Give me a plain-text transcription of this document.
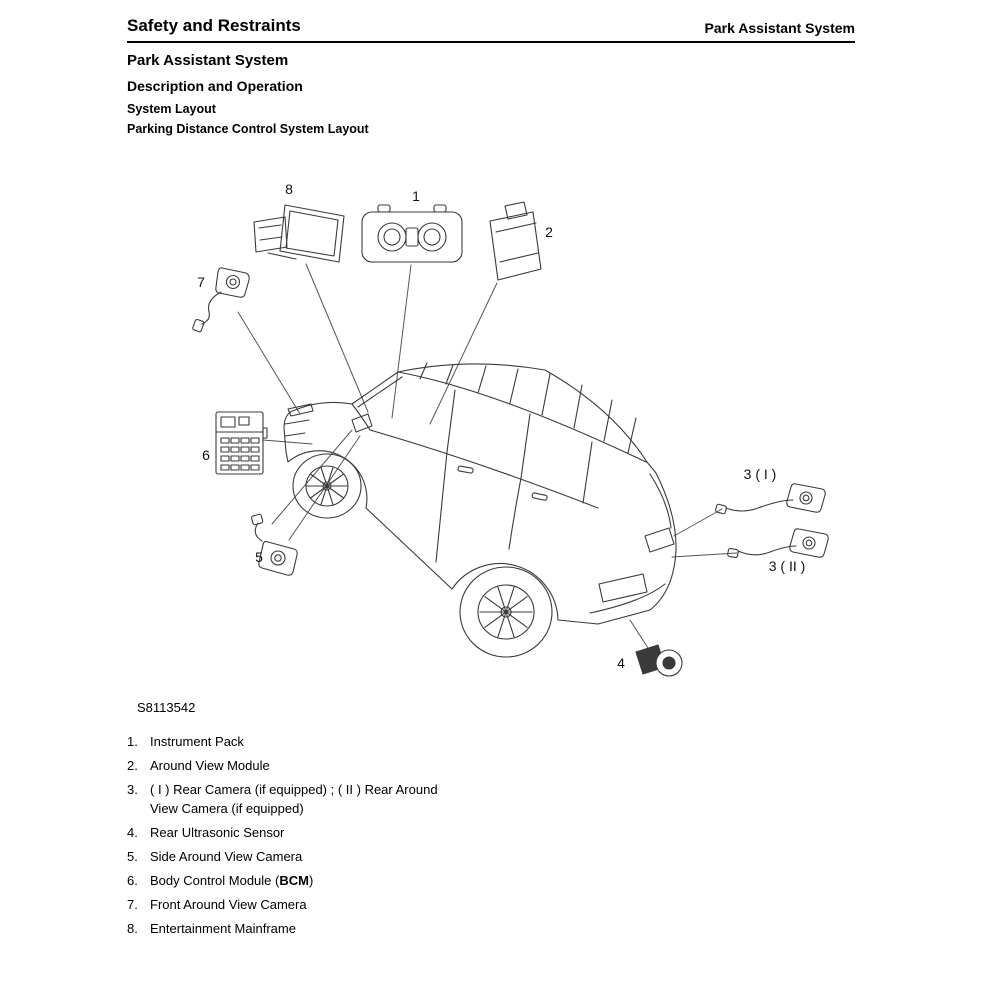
Safety and Restraints	Park Assistant System
Park Assistant System
Description and Operation
System Layout
Parking Distance Control System Layout
8	1
2
7
6
5
3 ( I )
3 ( II )
4
S8113542
1. Instrument Pack
2. Around View Module
3. ( I ) Rear Camera (if equipped) ; ( II ) Rear Around
View Camera (if equipped)
4. Rear Ultrasonic Sensor
5. Side Around View Camera
6. Body Control Module (BCM)
7. Front Around View Camera
8. Entertainment Mainframe
